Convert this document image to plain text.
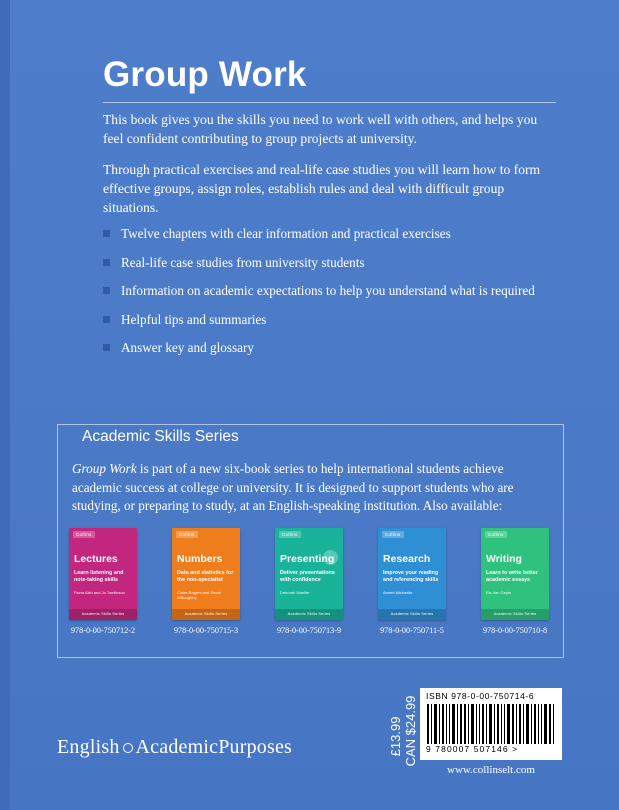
Group Work
This book gives you the skills you need to work well with others, and helps you feel confident contributing to group projects at university.
Through practical exercises and real-life case studies you will learn how to form effective groups, assign roles, establish rules and deal with difficult group situations.
Twelve chapters with clear information and practical exercises
Real-life case studies from university students
Information on academic expectations to help you understand what is required
Helpful tips and summaries
Answer key and glossary
Academic Skills Series
Group Work is part of a new six-book series to help international students achieve academic success at college or university. It is designed to support students who are studying, or preparing to study, at an English-speaking institution. Also available:
Collins
Lectures
Learn listening and note-taking skills
Fiona Aish and Jo Tomlinson
Academic Skills Series
978-0-00-750712-2
Collins
Numbers
Data and statistics for the non-specialist
Claire Rogers and Stuart Willoughby
Academic Skills Series
978-0-00-750715-3
Collins
Presenting
Deliver presentations with confidence
Deborah Mueller
Academic Skills Series
978-0-00-750713-9
Collins
Research
Improve your reading and referencing skills
Annett Michaelis
Academic Skills Series
978-0-00-750711-5
Collins
Writing
Learn to write better academic essays
Els Van Geyte
Academic Skills Series
978-0-00-750710-8
English AcademicPurposes	£13.99    CAN $24.99 ISBN 978-0-00-750714-6
9 780007 507146 >
www.collinselt.com
